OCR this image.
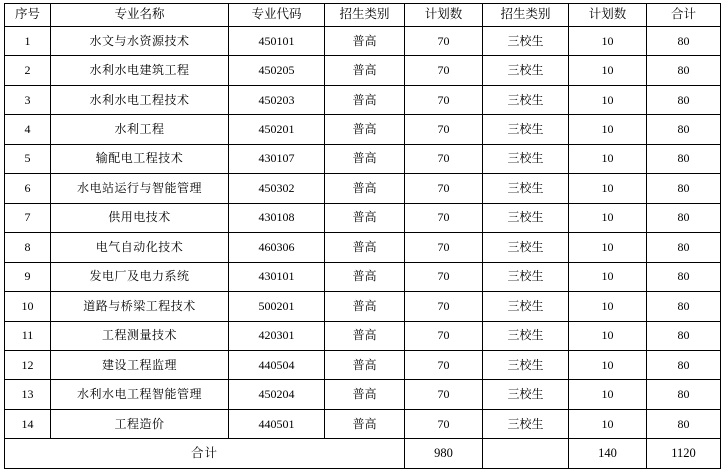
序号	专业名称	专业代码	招生类别	计划数	招生类别	计划数	合计
1	水文与水资源技术	450101	普高	70	三校生	10	80
2	水利水电建筑工程	450205	普高	70	三校生	10	80
3	水利水电工程技术	450203	普高	70	三校生	10	80
4	水利工程	450201	普高	70	三校生	10	80
5	输配电工程技术	430107	普高	70	三校生	10	80
6	水电站运行与智能管理	450302	普高	70	三校生	10	80
7	供用电技术	430108	普高	70	三校生	10	80
8	电气自动化技术	460306	普高	70	三校生	10	80
9	发电厂及电力系统	430101	普高	70	三校生	10	80
10	道路与桥梁工程技术	500201	普高	70	三校生	10	80
11	工程测量技术	420301	普高	70	三校生	10	80
12	建设工程监理	440504	普高	70	三校生	10	80
13	水利水电工程智能管理	450204	普高	70	三校生	10	80
14	工程造价	440501	普高	70	三校生	10	80
合计				980		140	1120
